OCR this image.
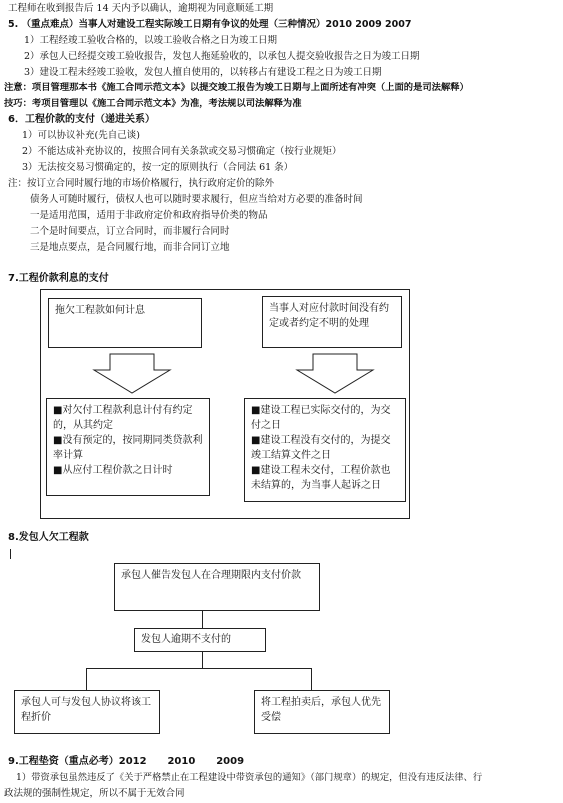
工程师在收到报告后 14 天内予以确认，逾期视为同意顺延工期
5. （重点难点）当事人对建设工程实际竣工日期有争议的处理（三种情况）2010 2009 2007
1）工程经竣工验收合格的，以竣工验收合格之日为竣工日期
2）承包人已经提交竣工验收报告，发包人拖延验收的，以承包人提交验收报告之日为竣工日期
3）建设工程未经竣工验收，发包人擅自使用的，以转移占有建设工程之日为竣工日期
注意：项目管理那本书《施工合同示范文本》以提交竣工报告为竣工日期与上面所述有冲突（上面的是司法解释）
技巧：考项目管理以《施工合同示范文本》为准，考法规以司法解释为准
6．工程价款的支付（递进关系）
1）可以协议补充(先自己谈)
2）不能达成补充协议的，按照合同有关条款或交易习惯确定（按行业规矩）
3）无法按交易习惯确定的，按一定的原则执行（合同法 61 条）
注：按订立合同时履行地的市场价格履行，执行政府定价的除外
债务人可随时履行，债权人也可以随时要求履行，但应当给对方必要的准备时间
一是适用范围，适用于非政府定价和政府指导价类的物品
二个是时间要点，订立合同时，而非履行合同时
三是地点要点，是合同履行地，而非合同订立地
7.工程价款利息的支付
拖欠工程款如何计息	当事人对应付款时间没有约定或者约定不明的处理
■对欠付工程款利息计付有约定的，从其约定
■没有预定的，按同期同类贷款利率计算
■从应付工程价款之日计时
■建设工程已实际交付的，为交付之日
■建设工程没有交付的，为提交竣工结算文件之日
■建设工程未交付，工程价款也未结算的，为当事人起诉之日
8.发包人欠工程款
承包人催告发包人在合理期限内支付价款
发包人逾期不支付的
承包人可与发包人协议将该工程折价
将工程拍卖后，承包人优先受偿
9.工程垫资（重点必考）2012      2010      2009
1）带资承包虽然违反了《关于严格禁止在工程建设中带资承包的通知》（部门规章）的规定，但没有违反法律、行
政法规的强制性规定，所以不属于无效合同
